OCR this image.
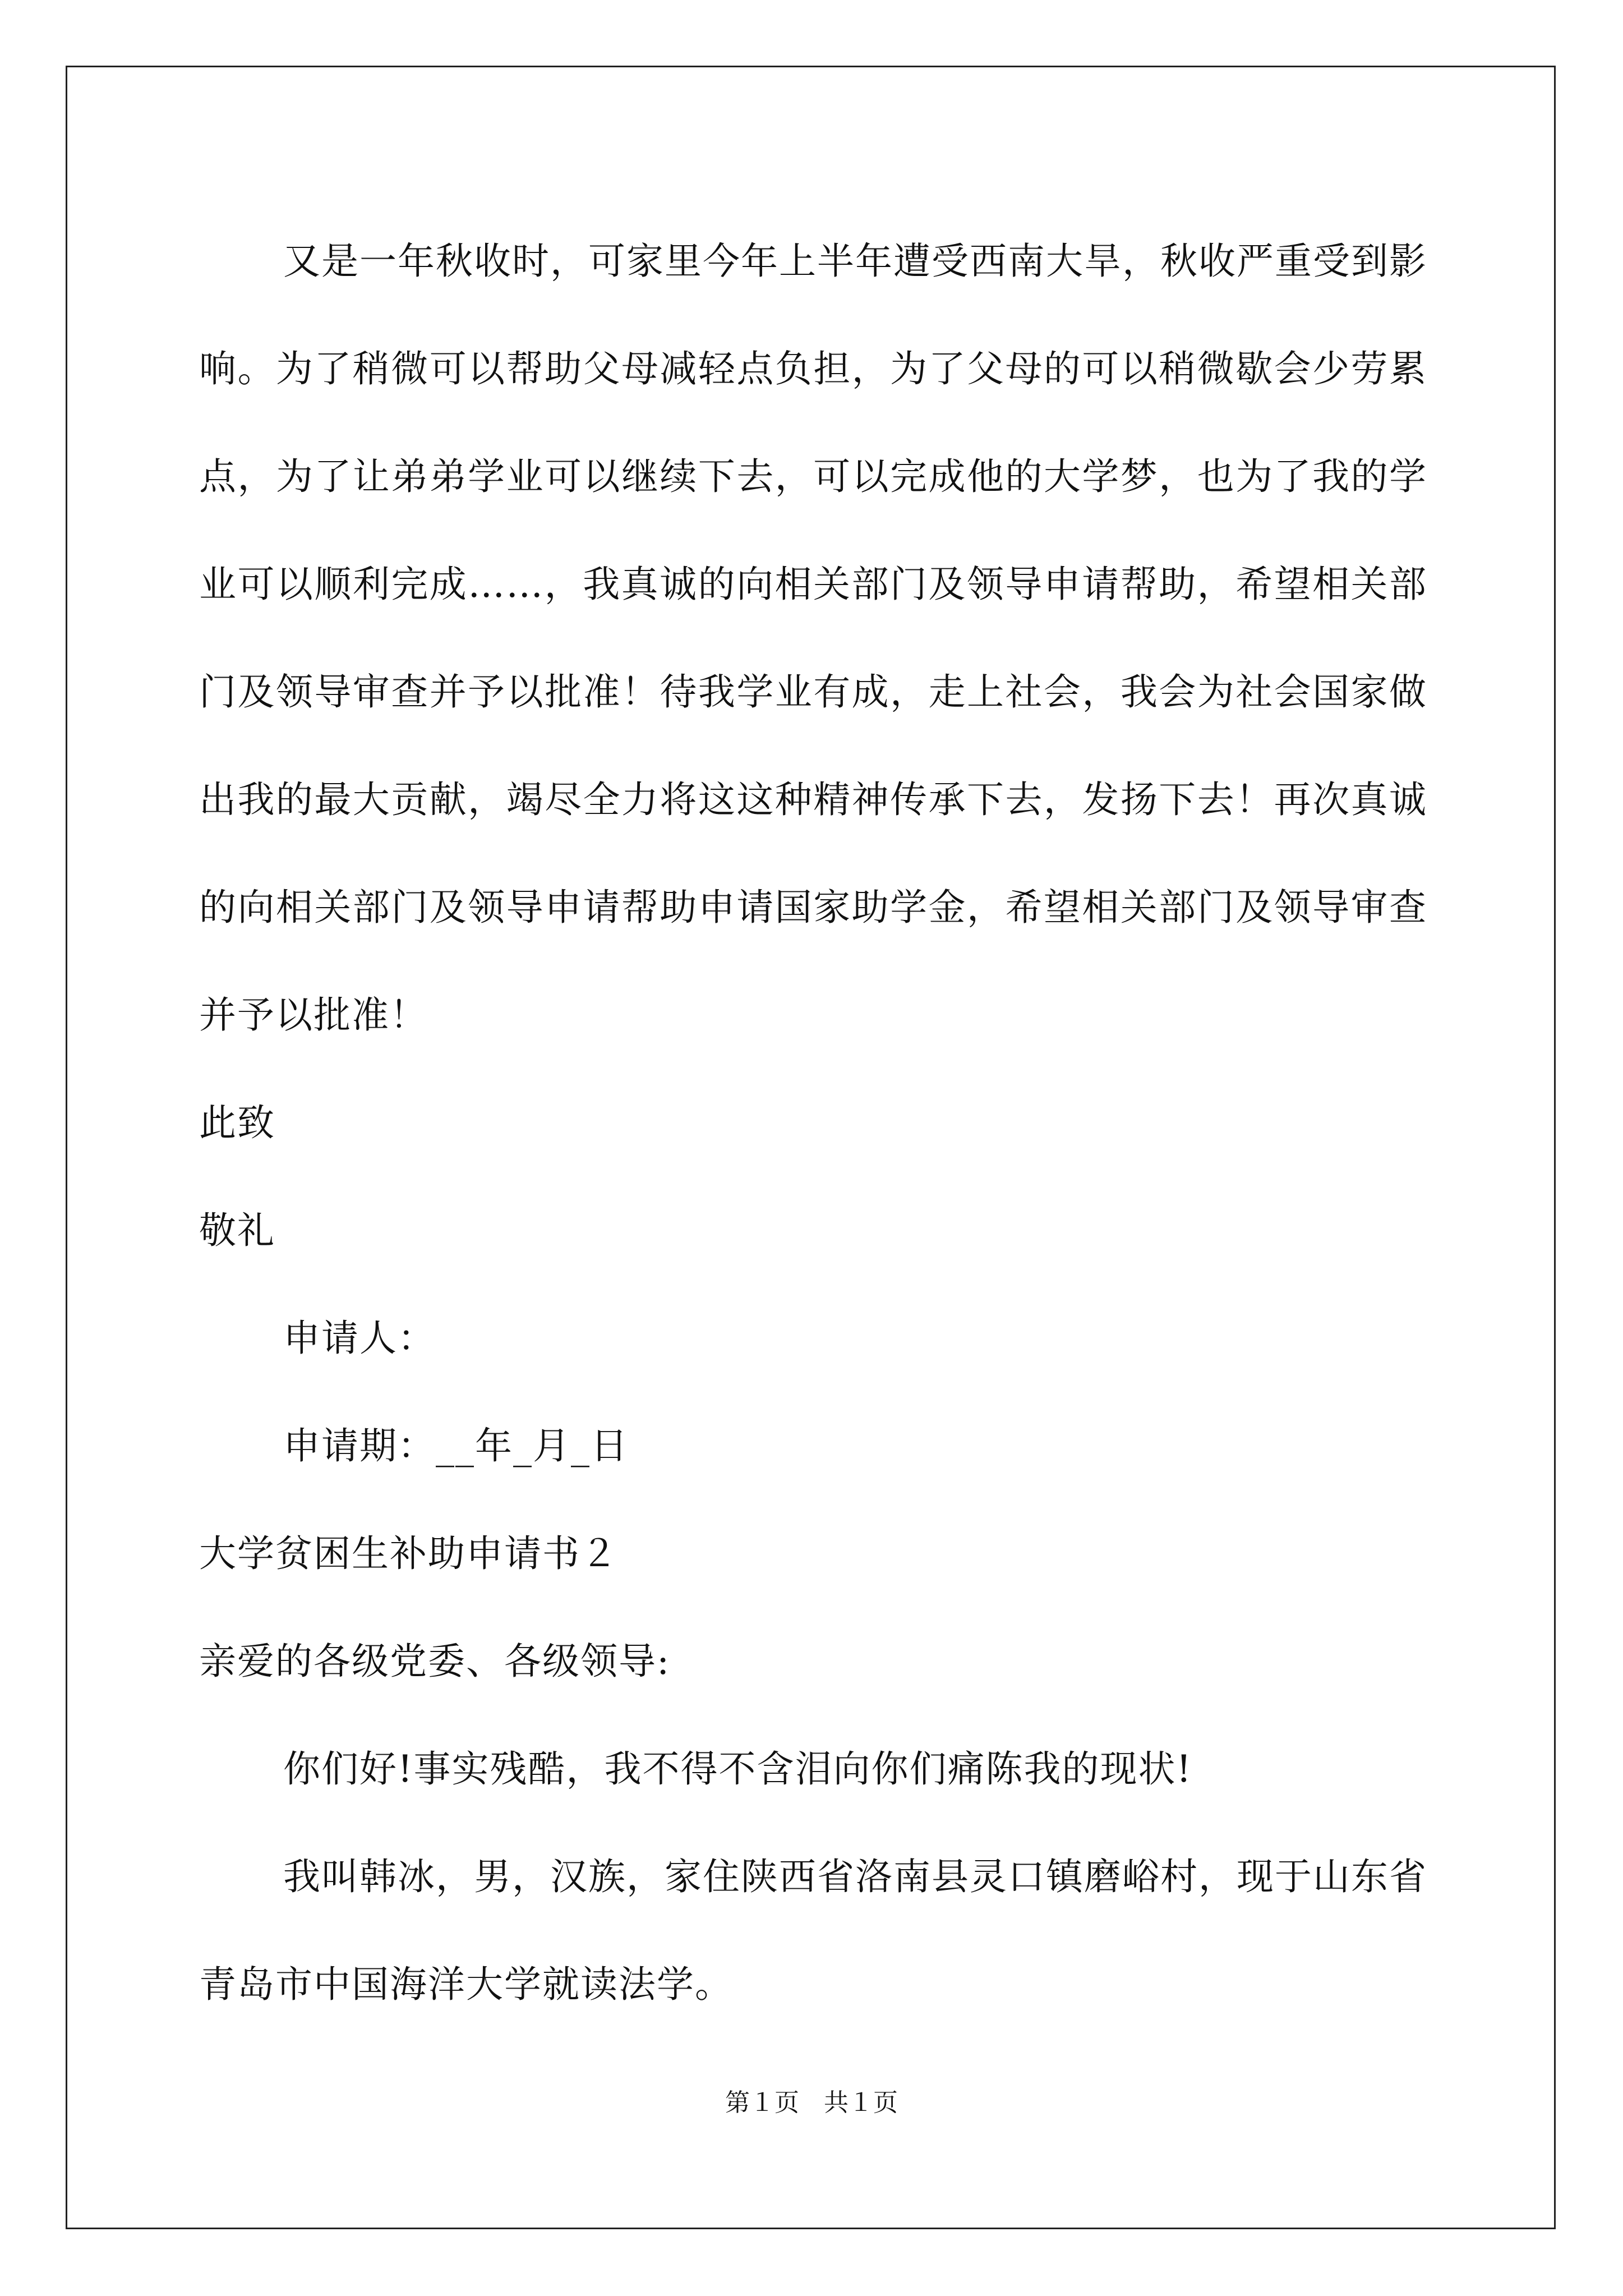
又是一年秋收时，可家里今年上半年遭受西南大旱，秋收严重受到影响。为了稍微可以帮助父母减轻点负担，为了父母的可以稍微歇会少劳累点，为了让弟弟学业可以继续下去，可以完成他的大学梦，也为了我的学业可以顺利完成……，我真诚的向相关部门及领导申请帮助，希望相关部门及领导审查并予以批准！待我学业有成，走上社会，我会为社会国家做出我的最大贡献，竭尽全力将这这种精神传承下去，发扬下去！再次真诚的向相关部门及领导申请帮助申请国家助学金，希望相关部门及领导审查并予以批准！

此致

敬礼

申请人：

申请期：__年_月_日

大学贫困生补助申请书２

亲爱的各级党委、各级领导:

你们好!事实残酷，我不得不含泪向你们痛陈我的现状!

我叫韩冰，男，汉族，家住陕西省洛南县灵口镇磨峪村，现于山东省青岛市中国海洋大学就读法学。

第１页　共１页
